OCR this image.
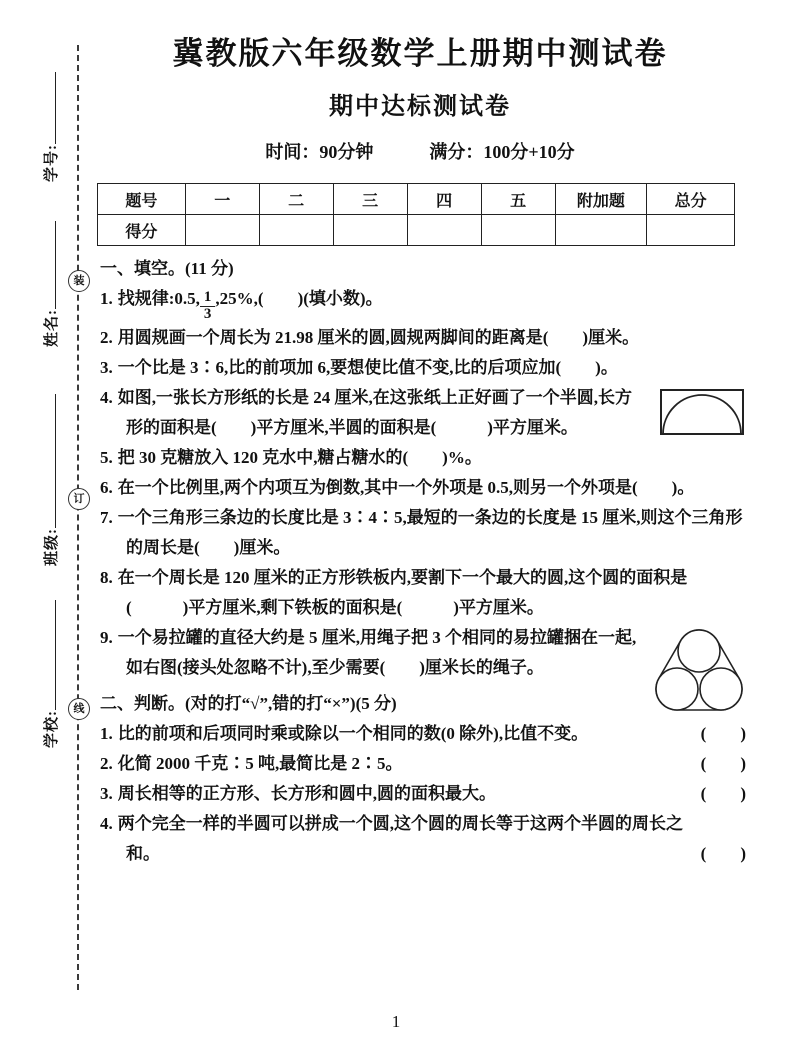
装
订
线
学号:
姓名:
班级:
学校:
冀教版六年级数学上册期中测试卷
期中达标测试卷
时间：90分钟	满分：100分+10分
题号	一	二	三	四	五	附加题	总分
得分							
一、填空。(11 分)
1. 找规律:0.5, $\frac{1}{3} ,25\%$,(　　)(填小数)。
2. 用圆规画一个周长为 21.98 厘米的圆,圆规两脚间的距离是(　　)厘米。
3. 一个比是 3∶6,比的前项加 6,要想使比值不变,比的后项应加(　　)。
4. 如图,一张长方形纸的长是 24 厘米,在这张纸上正好画了一个半圆,长方形的面积是(　　)平方厘米,半圆的面积是(　　　)平方厘米。
5. 把 30 克糖放入 120 克水中,糖占糖水的(　　)%。
6. 在一个比例里,两个内项互为倒数,其中一个外项是 0.5,则另一个外项是(　　)。
7. 一个三角形三条边的长度比是 3∶4∶5,最短的一条边的长度是 15 厘米,则这个三角形的周长是(　　)厘米。
8. 在一个周长是 120 厘米的正方形铁板内,要割下一个最大的圆,这个圆的面积是(　　　)平方厘米,剩下铁板的面积是(　　　)平方厘米。
9. 一个易拉罐的直径大约是 5 厘米,用绳子把 3 个相同的易拉罐捆在一起,如右图(接头处忽略不计),至少需要(　　)厘米长的绳子。
二、判断。(对的打“√”,错的打“×”)(5 分)
1. 比的前项和后项同时乘或除以一个相同的数(0 除外),比值不变。	(　　)
2. 化简 2000 千克∶5 吨,最简比是 2∶5。	(　　)
3. 周长相等的正方形、长方形和圆中,圆的面积最大。	(　　)
4. 两个完全一样的半圆可以拼成一个圆,这个圆的周长等于这两个半圆的周长之和。	(　　)
1
